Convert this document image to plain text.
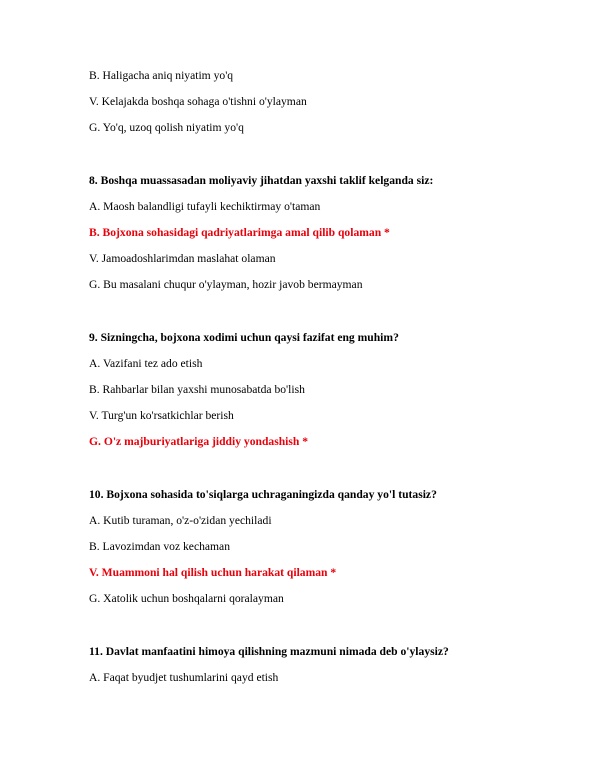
B. Haligacha aniq niyatim yo'q
V. Kelajakda boshqa sohaga o'tishni o'ylayman
G. Yo'q, uzoq qolish niyatim yo'q
8. Boshqa muassasadan moliyaviy jihatdan yaxshi taklif kelganda siz:
A. Maosh balandligi tufayli kechiktirmay o'taman
B. Bojxona sohasidagi qadriyatlarimga amal qilib qolaman *
V. Jamoadoshlarimdan maslahat olaman
G. Bu masalani chuqur o'ylayman, hozir javob bermayman
9. Sizningcha, bojxona xodimi uchun qaysi fazifat eng muhim?
A. Vazifani tez ado etish
B. Rahbarlar bilan yaxshi munosabatda bo'lish
V. Turg'un ko'rsatkichlar berish
G. O'z majburiyatlariga jiddiy yondashish *
10. Bojxona sohasida to'siqlarga uchraganingizda qanday yo'l tutasiz?
A. Kutib turaman, o'z-o'zidan yechiladi
B. Lavozimdan voz kechaman
V. Muammoni hal qilish uchun harakat qilaman *
G. Xatolik uchun boshqalarni qoralayman
11. Davlat manfaatini himoya qilishning mazmuni nimada deb o'ylaysiz?
A. Faqat byudjet tushumlarini qayd etish
